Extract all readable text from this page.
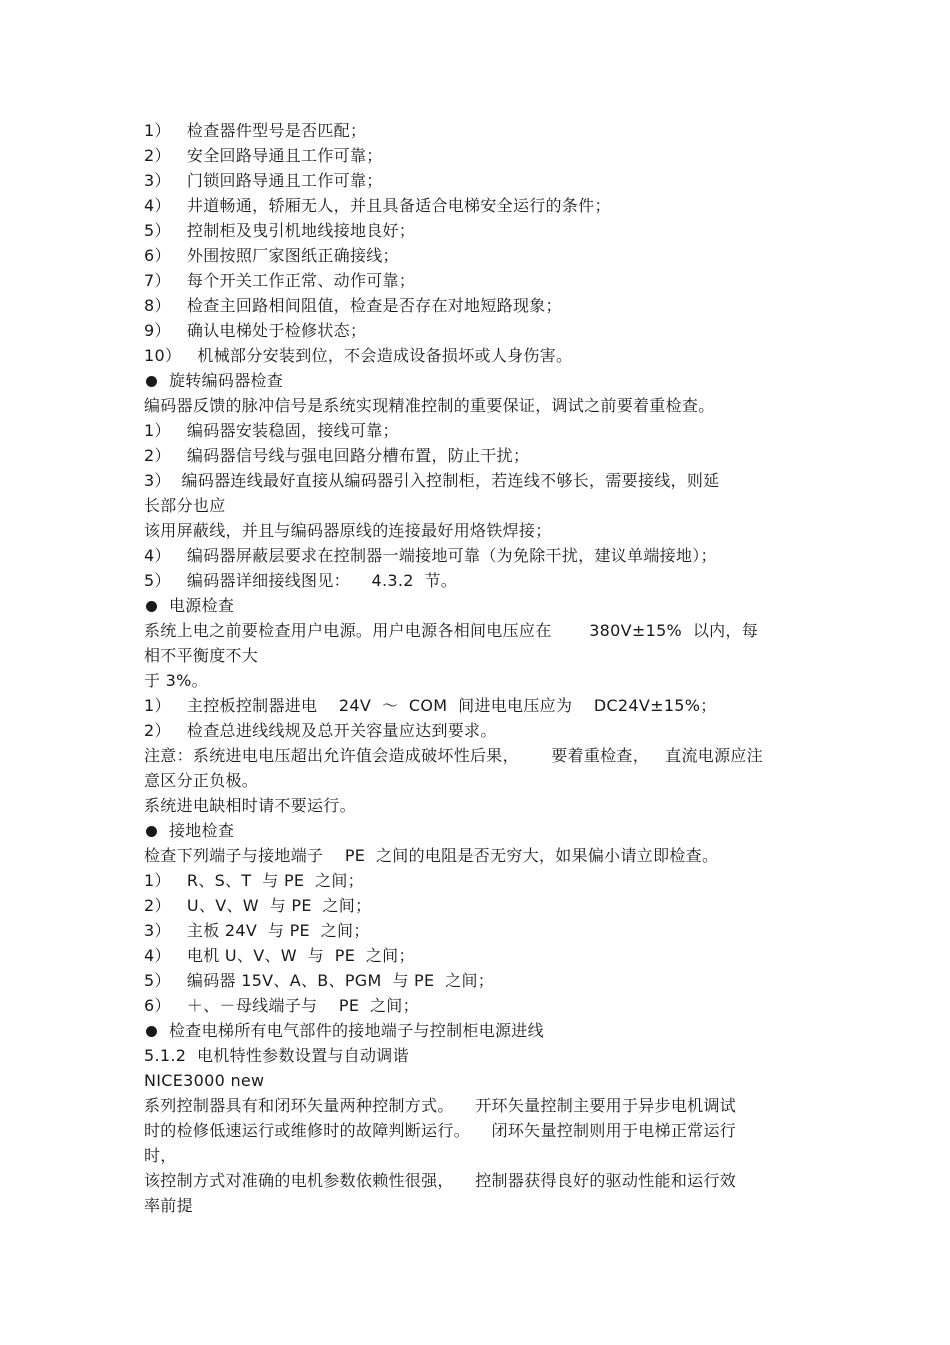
1）   检查器件型号是否匹配；
2）   安全回路导通且工作可靠；
3）   门锁回路导通且工作可靠；
4）   井道畅通，轿厢无人，并且具备适合电梯安全运行的条件；
5）   控制柜及曳引机地线接地良好；
6）   外围按照厂家图纸正确接线；
7）   每个开关工作正常、动作可靠；
8）   检查主回路相间阻值，检查是否存在对地短路现象；
9）   确认电梯处于检修状态；
10）   机械部分安装到位，不会造成设备损坏或人身伤害。
旋转编码器检查
编码器反馈的脉冲信号是系统实现精准控制的重要保证，调试之前要着重检查。
1）   编码器安装稳固，接线可靠；
2）   编码器信号线与强电回路分槽布置，防止干扰；
3）  编码器连线最好直接从编码器引入控制柜，若连线不够长，需要接线，则延
长部分也应
该用屏蔽线，并且与编码器原线的连接最好用烙铁焊接；
4）   编码器屏蔽层要求在控制器一端接地可靠（为免除干扰，建议单端接地）；
5）   编码器详细接线图见：    4.3.2  节。
电源检查
系统上电之前要检查用户电源。用户电源各相间电压应在       380V±15%  以内，每
相不平衡度不大
于 3%。
1）   主控板控制器进电    24V  ～  COM  间进电电压应为    DC24V±15%；
2）   检查总进线线规及总开关容量应达到要求。
注意：系统进电电压超出允许值会造成破坏性后果，      要着重检查，   直流电源应注
意区分正负极。
系统进电缺相时请不要运行。
接地检查
检查下列端子与接地端子    PE  之间的电阻是否无穷大，如果偏小请立即检查。
1）   R、S、T  与 PE  之间；
2）   U、V、W  与 PE  之间；
3）   主板 24V  与 PE  之间；
4）   电机 U、V、W  与  PE  之间；
5）   编码器 15V、A、B、PGM  与 PE  之间；
6）   ＋、－母线端子与    PE  之间；
检查电梯所有电气部件的接地端子与控制柜电源进线
5.1.2  电机特性参数设置与自动调谐
NICE3000 new
系列控制器具有和闭环矢量两种控制方式。    开环矢量控制主要用于异步电机调试
时的检修低速运行或维修时的故障判断运行。    闭环矢量控制则用于电梯正常运行
时，
该控制方式对准确的电机参数依赖性很强，    控制器获得良好的驱动性能和运行效
率前提
